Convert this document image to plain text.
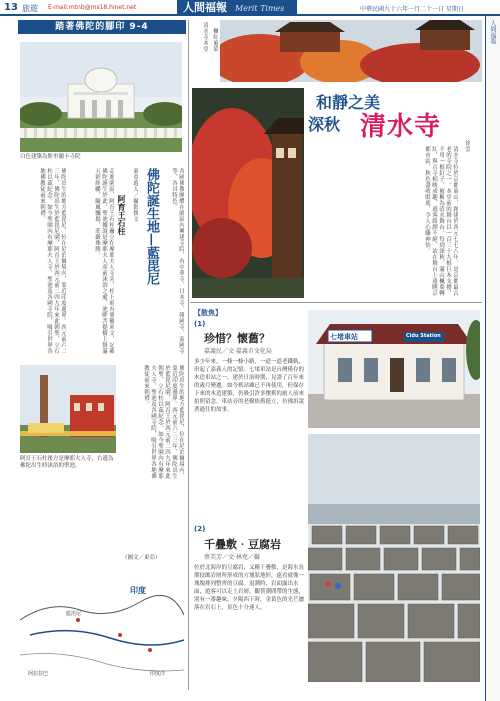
13 旅遊 E-mail:mtnb@ms18.hinet.net	人間福報 Merit Times	中華民國九十六年一月二十一日 星期日
人間福報
踏著佛陀的腳印 9-4
白色建築為斯里蘭卡寺院
佛陀出生的地方藍毘尼，位在尼泊爾境內，靠近印度邊界。西元前六二三年，佛陀出生於藍毘尼園，阿育王於西元前二四九年來此朝聖，立石柱以茲紀念。如今聖園內有摩耶夫人寺、聖池及各國寺院，吸引世界各地佛教徒前來朝禮。	走進園區，阿育王石柱矗立在摩耶夫人寺旁，柱上刻有婆羅米文，記載佛陀誕生於此。聖池據說是摩耶夫人產前沐浴之處，池畔菩提樹上掛滿五彩經幡，隨風飄揚，莊嚴殊勝。	阿育王石柱	東亞遊人／攝影撰文 佛陀誕生地—藍毘尼	各國佛教團體在園區內興建寺院，有中華寺、日本寺、韓國寺、泰國寺等，各具特色。
阿育王石柱後方是摩耶夫人寺，右邊為佛陀出生時沐浴的聖池。	佛陀出生的地方藍毘尼，位在尼泊爾境內，靠近印度邊界。西元前六二三年，佛陀出生於藍毘尼園，阿育王於西元前二四九年來此朝聖，立石柱以茲紀念。如今聖園內有摩耶夫人寺、聖池及各國寺院，吸引世界各地佛教徒前來朝禮。
（圖文／東亞）
印度
藍毘尼
阿拉拉巴	印度洋
清水寺本堂 楓紅遍染
和靜之美
深秋 清水寺
徐雲
清水寺位於京都東山，創建於西元七七八年，是京都最古老的寺院之一。本堂前的舞台以一百三十九根巨木支撐，不用一根釘子，被稱為清水舞台。每到深秋，滿山楓葉轉紅，與古寺相映成趣，遊客絡繹不絕。站在舞台上遠眺京都市區，秋色盡收眼底，令人心曠神怡。
【散焦】
(1)
珍惜？懷舊？
嘉義民／文‧嘉義市文化局
多少年來，一條一條小路，一道一道老鐵軌，串起了嘉義人的記憶。七堵車站是台灣僅存的木造車站之一，建於日治時期，見證了百年來的歲月變遷。如今舊站雖已不再使用，但保存下來的木造建築，仍吸引許多懷舊的旅人前來拍照留念。車站旁的老樹依舊挺立，彷彿訴說著過往的故事。
七堵車站	Cidu Station
(2)
千疊敷‧豆腐岩
蔡美芳／文‧林堯／攝
位於北海岸的豆腐岩，又稱千疊敷，是海水長期侵蝕岩層所形成的方塊狀地形，遠看就像一塊塊排列整齊的豆腐。退潮時，岩面露出水面，遊客可以走上岩層，觀賞潮間帶的生態，別有一番趣味。夕陽西下時，金黃色的光芒灑落在岩石上，景色十分迷人。
